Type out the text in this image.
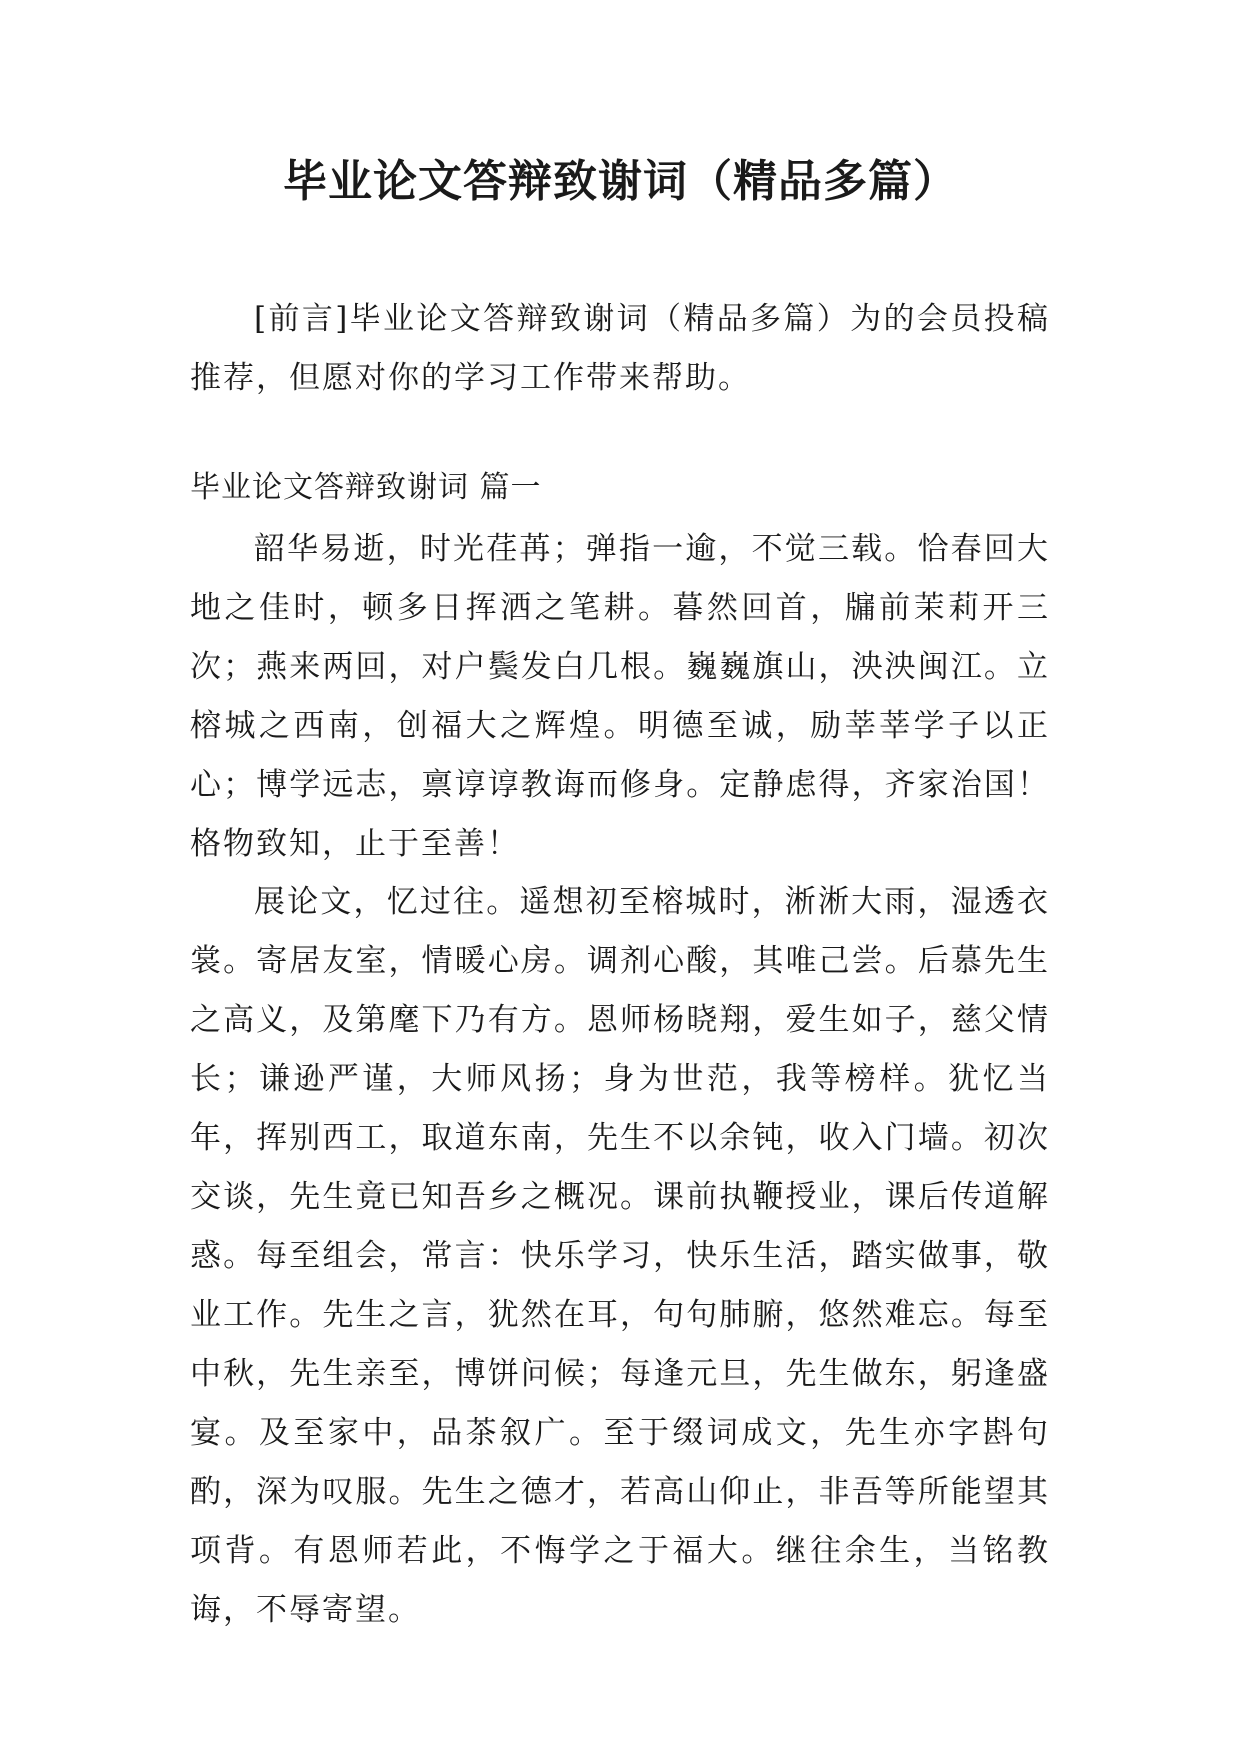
毕业论文答辩致谢词（精品多篇）

[前言]毕业论文答辩致谢词（精品多篇）为的会员投稿推荐，但愿对你的学习工作带来帮助。

毕业论文答辩致谢词 篇一

韶华易逝，时光荏苒；弹指一逾，不觉三载。恰春回大地之佳时，顿多日挥洒之笔耕。暮然回首，牖前茉莉开三次；燕来两回，对户鬓发白几根。巍巍旗山，泱泱闽江。立榕城之西南，创福大之辉煌。明德至诚，励莘莘学子以正心；博学远志，禀谆谆教诲而修身。定静虑得，齐家治国！格物致知，止于至善！

展论文，忆过往。遥想初至榕城时，淅淅大雨，湿透衣裳。寄居友室，情暖心房。调剂心酸，其唯己尝。后慕先生之高义，及第麾下乃有方。恩师杨晓翔，爱生如子，慈父情长；谦逊严谨，大师风扬；身为世范，我等榜样。犹忆当年，挥别西工，取道东南，先生不以余钝，收入门墙。初次交谈，先生竟已知吾乡之概况。课前执鞭授业，课后传道解惑。每至组会，常言：快乐学习，快乐生活，踏实做事，敬业工作。先生之言，犹然在耳，句句肺腑，悠然难忘。每至中秋，先生亲至，博饼问候；每逢元旦，先生做东，躬逢盛宴。及至家中，品茶叙广。至于缀词成文，先生亦字斟句酌，深为叹服。先生之德才，若高山仰止，非吾等所能望其项背。有恩师若此，不悔学之于福大。继往余生，当铭教诲，不辱寄望。
